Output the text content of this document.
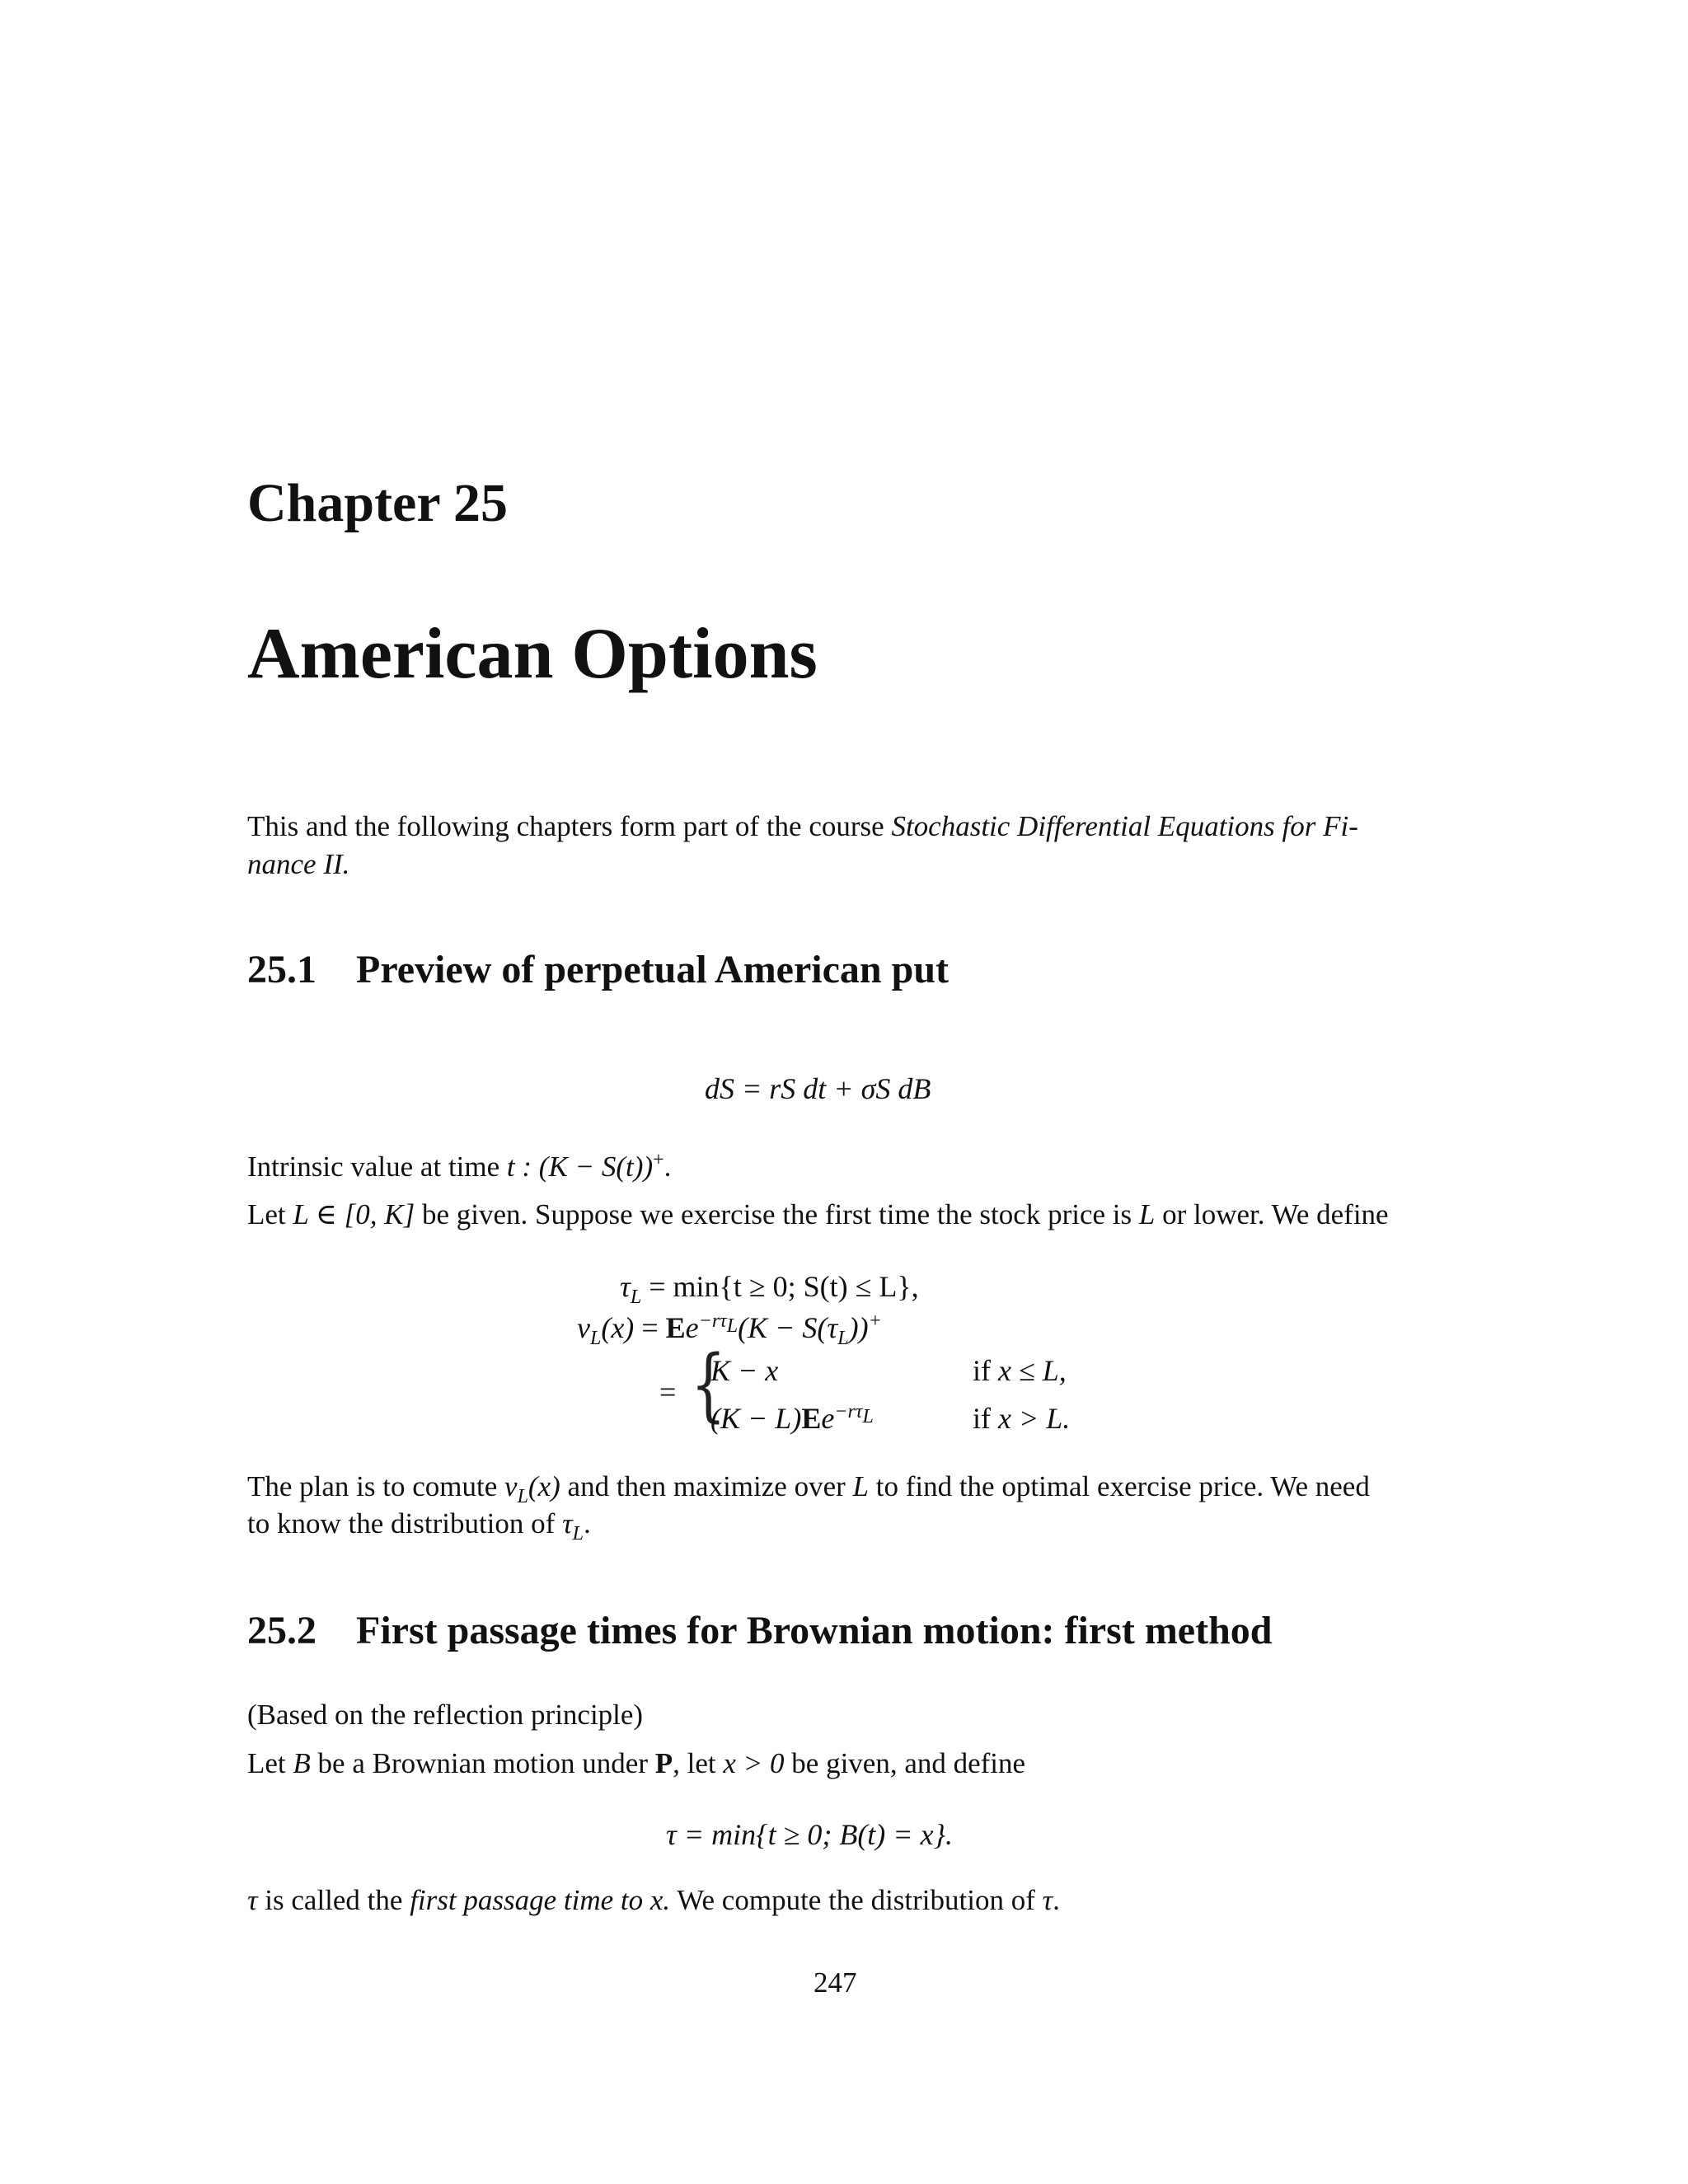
Chapter 25
American Options
This and the following chapters form part of the course Stochastic Differential Equations for Fi-
nance II.
25.1 Preview of perpetual American put
dS = rS dt + σS dB
Intrinsic value at time t : (K − S(t))+.
Let L ∈ [0, K] be given. Suppose we exercise the first time the stock price is L or lower. We define
$\tau_L = \min\{t \ge 0$; S(t) ≤ L},
$v_L(x) = Ee^{-r\tau_L}(K - S(\tau_L))^+$
= {
K − x	if x ≤ L,
$(K - L)Ee^{-r\tau_L}$	if x > L.
The plan is to comute $v_L(x)$ and then maximize over L to find the optimal exercise price. We need
to know the distribution of $\tau_L$.
25.2 First passage times for Brownian motion: first method
(Based on the reflection principle)
Let B be a Brownian motion under P, let x > 0 be given, and define
τ = min{t ≥ 0; B(t) = x}.
τ is called the first passage time to x. We compute the distribution of τ.
247
